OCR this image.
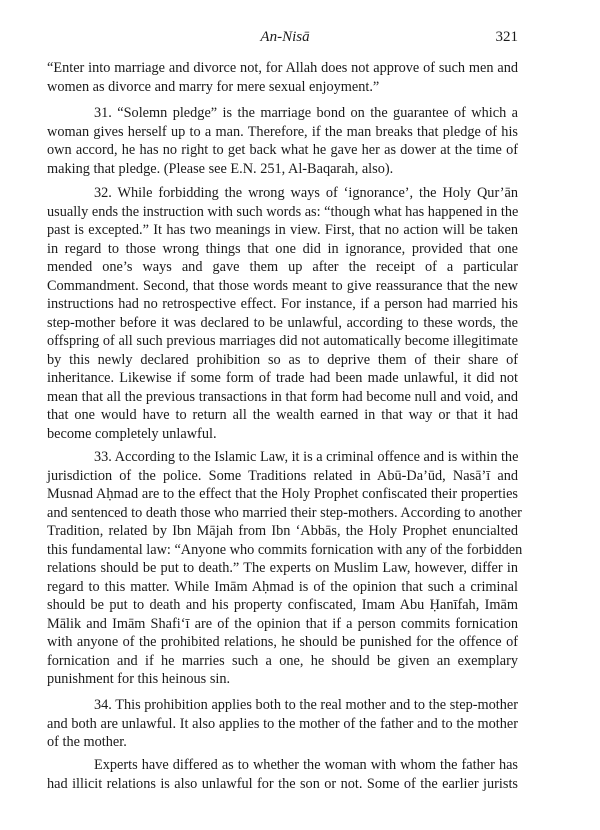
An-Nisā	321
“Enter into marriage and divorce not, for Allah does not approve of such men and
women as divorce and marry for mere sexual enjoyment.”
31. “Solemn pledge” is the marriage bond on the guarantee of which a
woman gives herself up to a man. Therefore, if the man breaks that pledge of his
own accord, he has no right to get back what he gave her as dower at the time of
making that pledge. (Please see E.N. 251, Al-Baqarah, also).
32. While forbidding the wrong ways of ‘ignorance’, the Holy Qur’ān
usually ends the instruction with such words as: “though what has happened in the
past is excepted.” It has two meanings in view. First, that no action will be taken
in regard to those wrong things that one did in ignorance, provided that one
mended one’s ways and gave them up after the receipt of a particular
Commandment. Second, that those words meant to give reassurance that the new
instructions had no retrospective effect. For instance, if a person had married his
step-mother before it was declared to be unlawful, according to these words, the
offspring of all such previous marriages did not automatically become illegitimate
by this newly declared prohibition so as to deprive them of their share of
inheritance. Likewise if some form of trade had been made unlawful, it did not
mean that all the previous transactions in that form had become null and void, and
that one would have to return all the wealth earned in that way or that it had
become completely unlawful.
33. According to the Islamic Law, it is a criminal offence and is within the
jurisdiction of the police. Some Traditions related in Abū-Da’ūd, Nasā’ī and
Musnad Aḥmad are to the effect that the Holy Prophet confiscated their properties
and sentenced to death those who married their step-mothers. According to another
Tradition, related by Ibn Mājah from Ibn ‘Abbās, the Holy Prophet enuncialted
this fundamental law: “Anyone who commits fornication with any of the forbidden
relations should be put to death.” The experts on Muslim Law, however, differ in
regard to this matter. While Imām Aḥmad is of the opinion that such a criminal
should be put to death and his property confiscated, Imam Abu Ḥanīfah, Imām
Mālik and Imām Shafi‘ī are of the opinion that if a person commits fornication
with anyone of the prohibited relations, he should be punished for the offence of
fornication and if he marries such a one, he should be given an exemplary
punishment for this heinous sin.
34. This prohibition applies both to the real mother and to the step-mother
and both are unlawful. It also applies to the mother of the father and to the mother
of the mother.
Experts have differed as to whether the woman with whom the father has
had illicit relations is also unlawful for the son or not. Some of the earlier jurists
